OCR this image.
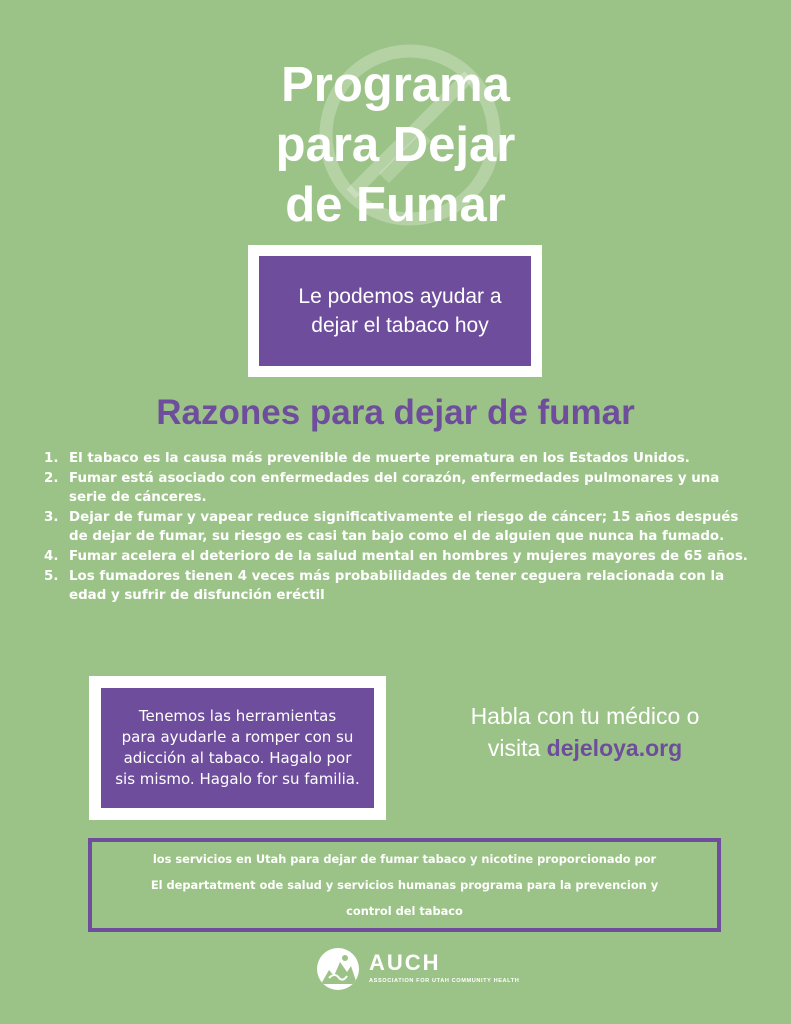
Programa
para Dejar
de Fumar
Le podemos ayudar a
dejar el tabaco hoy
Razones para dejar de fumar
1. El tabaco es la causa más prevenible de muerte prematura en los Estados Unidos.
2. Fumar está asociado con enfermedades del corazón, enfermedades pulmonares y una serie de cánceres.
3. Dejar de fumar y vapear reduce significativamente el riesgo de cáncer; 15 años después de dejar de fumar, su riesgo es casi tan bajo como el de alguien que nunca ha fumado.
4. Fumar acelera el deterioro de la salud mental en hombres y mujeres mayores de 65 años.
5. Los fumadores tienen 4 veces más probabilidades de tener ceguera relacionada con la edad y sufrir de disfunción eréctil
Tenemos las herramientas
para ayudarle a romper con su
adicción al tabaco. Hagalo por
sis mismo. Hagalo for su familia.
Habla con tu médico o
visita dejeloya.org
los servicios en Utah para dejar de fumar tabaco y nicotine proporcionado por
El departatment ode salud y servicios humanas programa para la prevencion y
control del tabaco
AUCH
ASSOCIATION FOR UTAH COMMUNITY HEALTH
